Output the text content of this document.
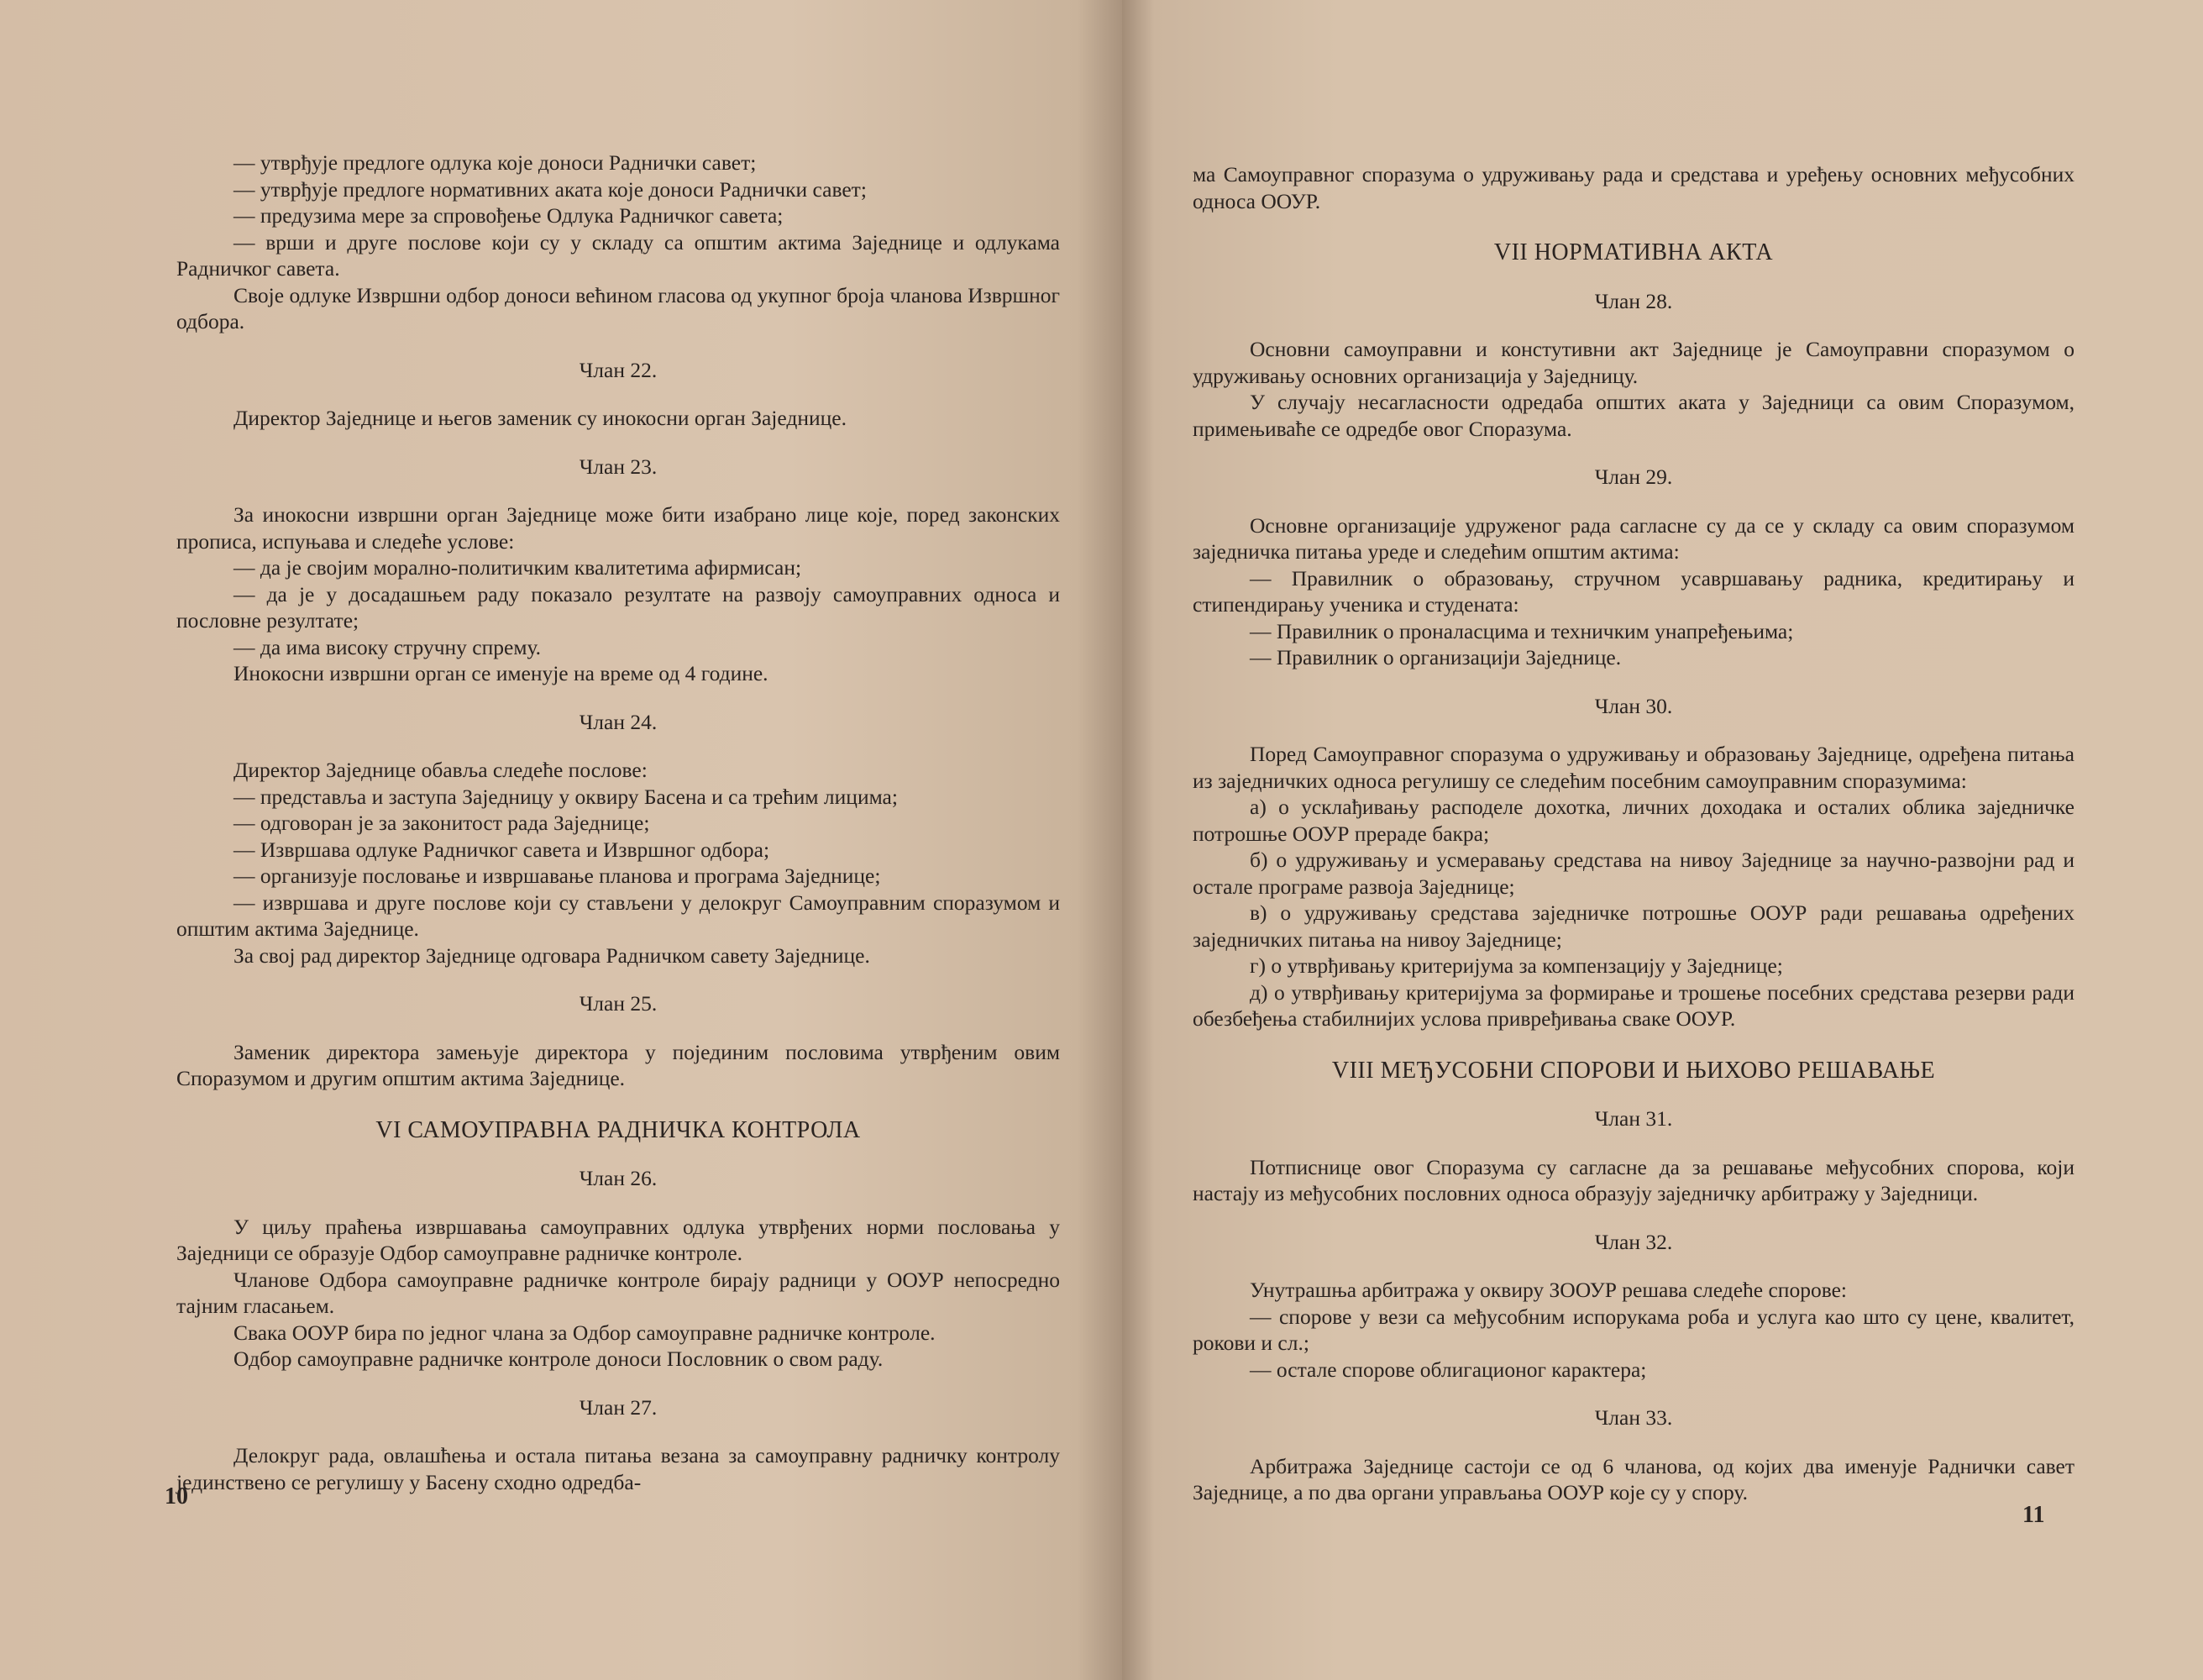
— утврђује предлоге одлука које доноси Раднички савет;

— утврђује предлоге нормативних аката које доноси Раднички савет;

— предузима мере за спровођење Одлука Радничког савета;

— врши и друге послове који су у складу са општим актима Заједнице и одлукама Радничког савета.

Своје одлуке Извршни одбор доноси већином гласова од укупног броја чланова Извршног одбора.

Члан 22.

Директор Заједнице и његов заменик су инокосни орган Заједнице.

Члан 23.

За инокосни извршни орган Заједнице може бити изабрано лице које, поред законских прописа, испуњава и следеће услове:

— да је својим морално-политичким квалитетима афирмисан;

— да је у досадашњем раду показало резултате на развоју самоуправних односа и пословне резултате;

— да има високу стручну спрему.

Инокосни извршни орган се именује на време од 4 године.

Члан 24.

Директор Заједнице обавља следеће послове:

— представља и заступа Заједницу у оквиру Басена и са трећим лицима;

— одговоран је за законитост рада Заједнице;

— Извршава одлуке Радничког савета и Извршног одбора;

— организује пословање и извршавање планова и програма Заједнице;

— извршава и друге послове који су стављени у делокруг Самоуправним споразумом и општим актима Заједнице.

За свој рад директор Заједнице одговара Радничком савету Заједнице.

Члан 25.

Заменик директора замењује директора у појединим пословима утврђеним овим Споразумом и другим општим актима Заједнице.

VI САМОУПРАВНА РАДНИЧКА КОНТРОЛА

Члан 26.

У циљу праћења извршавања самоуправних одлука утврђених норми пословања у Заједници се образује Одбор самоуправне радничке контроле.

Чланове Одбора самоуправне радничке контроле бирају радници у ООУР непосредно тајним гласањем.

Свака ООУР бира по једног члана за Одбор самоуправне радничке контроле.

Одбор самоуправне радничке контроле доноси Пословник о свом раду.

Члан 27.

Делокруг рада, овлашћења и остала питања везана за самоуправну радничку контролу јединствено се регулишу у Басену сходно одредба-

10

ма Самоуправног споразума о удруживању рада и средстава и уређењу основних међусобних односа ООУР.

VII НОРМАТИВНА АКТА

Члан 28.

Основни самоуправни и констутивни акт Заједнице је Самоуправни споразумом о удруживању основних организација у Заједницу.

У случају несагласности одредаба општих аката у Заједници са овим Споразумом, примењиваће се одредбе овог Споразума.

Члан 29.

Основне организације удруженог рада сагласне су да се у складу са овим споразумом заједничка питања уреде и следећим општим актима:

— Правилник о образовању, стручном усавршавању радника, кредитирању и стипендирању ученика и студената:

— Правилник о проналасцима и техничким унапређењима;

— Правилник о организацији Заједнице.

Члан 30.

Поред Самоуправног споразума о удруживању и образовању Заједнице, одређена питања из заједничких односа регулишу се следећим посебним самоуправним споразумима:

а) о усклађивању расподеле дохотка, личних доходака и осталих облика заједничке потрошње ООУР прераде бакра;

б) о удруживању и усмеравању средстава на нивоу Заједнице за научно-развојни рад и остале програме развоја Заједнице;

в) о удруживању средстава заједничке потрошње ООУР ради решавања одређених заједничких питања на нивоу Заједнице;

г) о утврђивању критеријума за компензацију у Заједнице;

д) о утврђивању критеријума за формирање и трошење посебних средстава резерви ради обезбеђења стабилнијих услова привређивања сваке ООУР.

VIII МЕЂУСОБНИ СПОРОВИ И ЊИХОВО РЕШАВАЊЕ

Члан 31.

Потписнице овог Споразума су сагласне да за решавање међусобних спорова, који настају из међусобних пословних односа образују заједничку арбитражу у Заједници.

Члан 32.

Унутрашња арбитража у оквиру ЗООУР решава следеће спорове:

— спорове у вези са међусобним испорукама роба и услуга као што су цене, квалитет, рокови и сл.;

— остале спорове облигационог карактера;

Члан 33.

Арбитража Заједнице састоји се од 6 чланова, од којих два именује Раднички савет Заједнице, а по два органи управљања ООУР које су у спору.

11
